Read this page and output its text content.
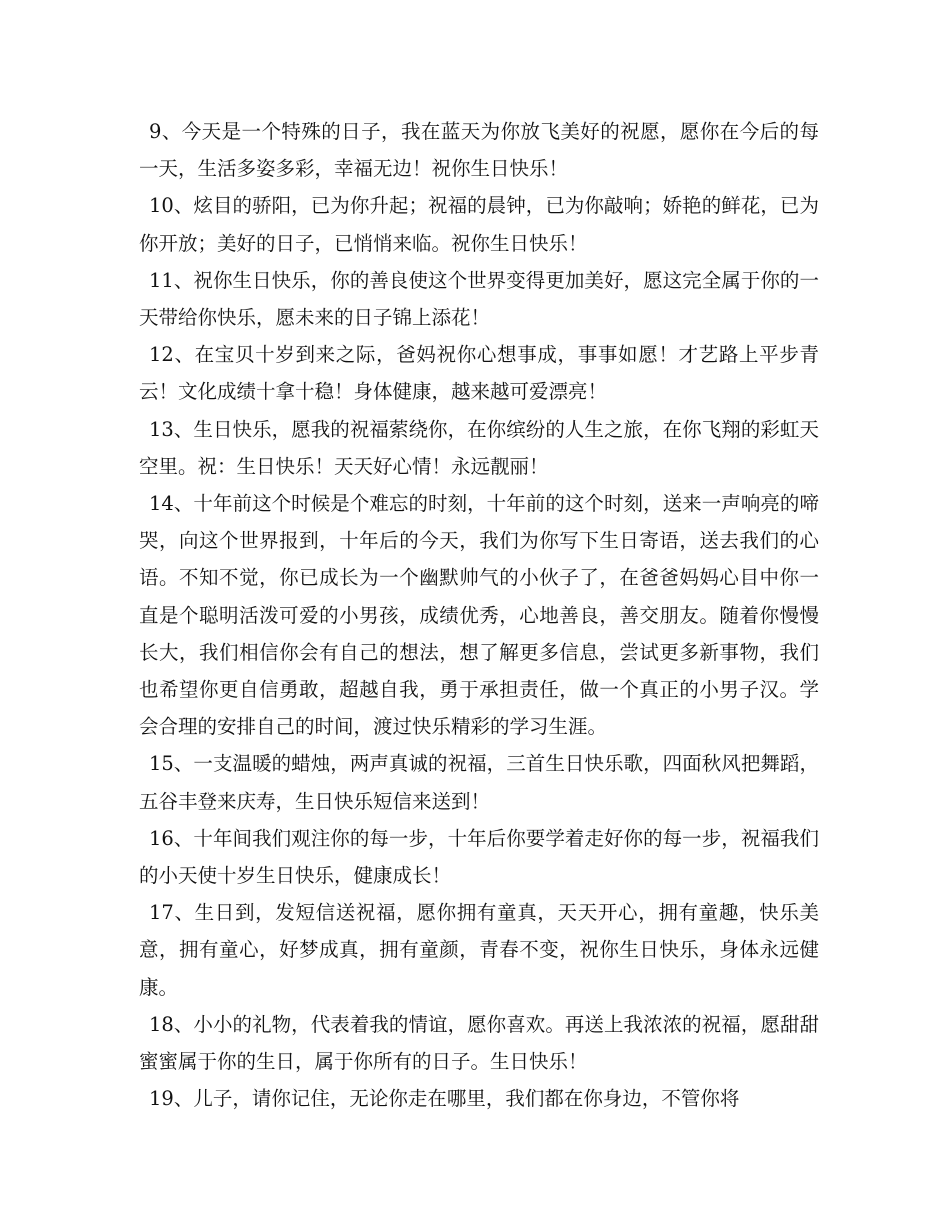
9、今天是一个特殊的日子，我在蓝天为你放飞美好的祝愿，愿你在今后的每一天，生活多姿多彩，幸福无边！祝你生日快乐！

10、炫目的骄阳，已为你升起；祝福的晨钟，已为你敲响；娇艳的鲜花，已为你开放；美好的日子，已悄悄来临。祝你生日快乐！

11、祝你生日快乐，你的善良使这个世界变得更加美好，愿这完全属于你的一天带给你快乐，愿未来的日子锦上添花！

12、在宝贝十岁到来之际，爸妈祝你心想事成，事事如愿！才艺路上平步青云！文化成绩十拿十稳！身体健康，越来越可爱漂亮！

13、生日快乐，愿我的祝福萦绕你，在你缤纷的人生之旅，在你飞翔的彩虹天空里。祝：生日快乐！天天好心情！永远靓丽！

14、十年前这个时候是个难忘的时刻，十年前的这个时刻，送来一声响亮的啼哭，向这个世界报到，十年后的今天，我们为你写下生日寄语，送去我们的心语。不知不觉，你已成长为一个幽默帅气的小伙子了，在爸爸妈妈心目中你一直是个聪明活泼可爱的小男孩，成绩优秀，心地善良，善交朋友。随着你慢慢长大，我们相信你会有自己的想法，想了解更多信息，尝试更多新事物，我们也希望你更自信勇敢，超越自我，勇于承担责任，做一个真正的小男子汉。学会合理的安排自己的时间，渡过快乐精彩的学习生涯。

15、一支温暖的蜡烛，两声真诚的祝福，三首生日快乐歌，四面秋风把舞蹈，五谷丰登来庆寿，生日快乐短信来送到！

16、十年间我们观注你的每一步，十年后你要学着走好你的每一步，祝福我们的小天使十岁生日快乐，健康成长！

17、生日到，发短信送祝福，愿你拥有童真，天天开心，拥有童趣，快乐美意，拥有童心，好梦成真，拥有童颜，青春不变，祝你生日快乐，身体永远健康。

18、小小的礼物，代表着我的情谊，愿你喜欢。再送上我浓浓的祝福，愿甜甜蜜蜜属于你的生日，属于你所有的日子。生日快乐！

19、儿子，请你记住，无论你走在哪里，我们都在你身边，不管你将
